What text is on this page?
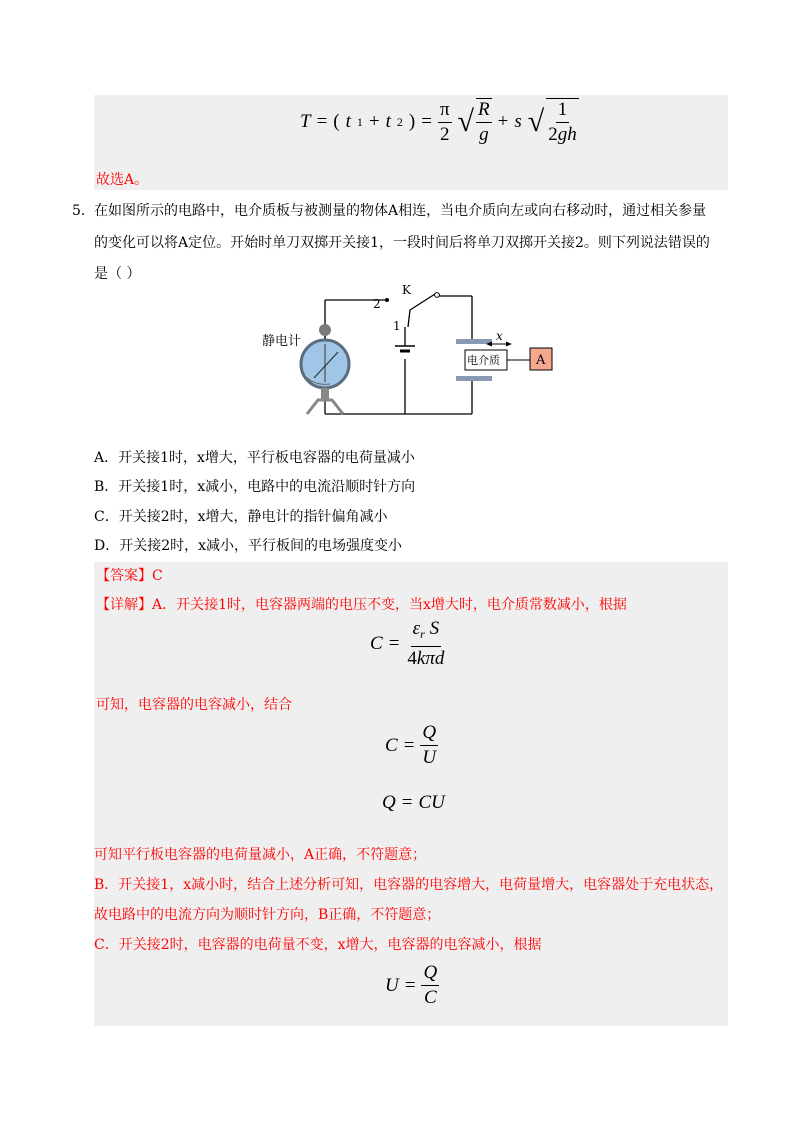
T = ( t 1 + t 2 ) = $\frac{\pi}{2}$ √ $\frac{R}{g} + s$ √ $\frac{1}{2gh}$
故选A。
5． 在如图所示的电路中，电介质板与被测量的物体A相连，当电介质向左或向右移动时，通过相关参量
的变化可以将A定位。开始时单刀双掷开关接1，一段时间后将单刀双掷开关接2。则下列说法错误的
是（ ）
静电计
K
2
1
x
电介质	A
A．开关接1时，x增大，平行板电容器的电荷量减小
B．开关接1时，x减小，电路中的电流沿顺时针方向
C．开关接2时，x增大，静电计的指针偏角减小
D．开关接2时，x减小，平行板间的电场强度变小
【答案】C
【详解】A．开关接1时，电容器两端的电压不变，当x增大时，电介质常数减小，根据
$C = \frac{\varepsilon_r S}{\text{4kπd}}$
可知，电容器的电容减小，结合
$C = \frac{Q}{U}$
Q = CU
可知平行板电容器的电荷量减小，A正确，不符题意；
B．开关接1，x减小时，结合上述分析可知，电容器的电容增大，电荷量增大，电容器处于充电状态，
故电路中的电流方向为顺时针方向，B正确，不符题意；
C．开关接2时，电容器的电荷量不变，x增大，电容器的电容减小，根据
$U = \frac{Q}{C}$
